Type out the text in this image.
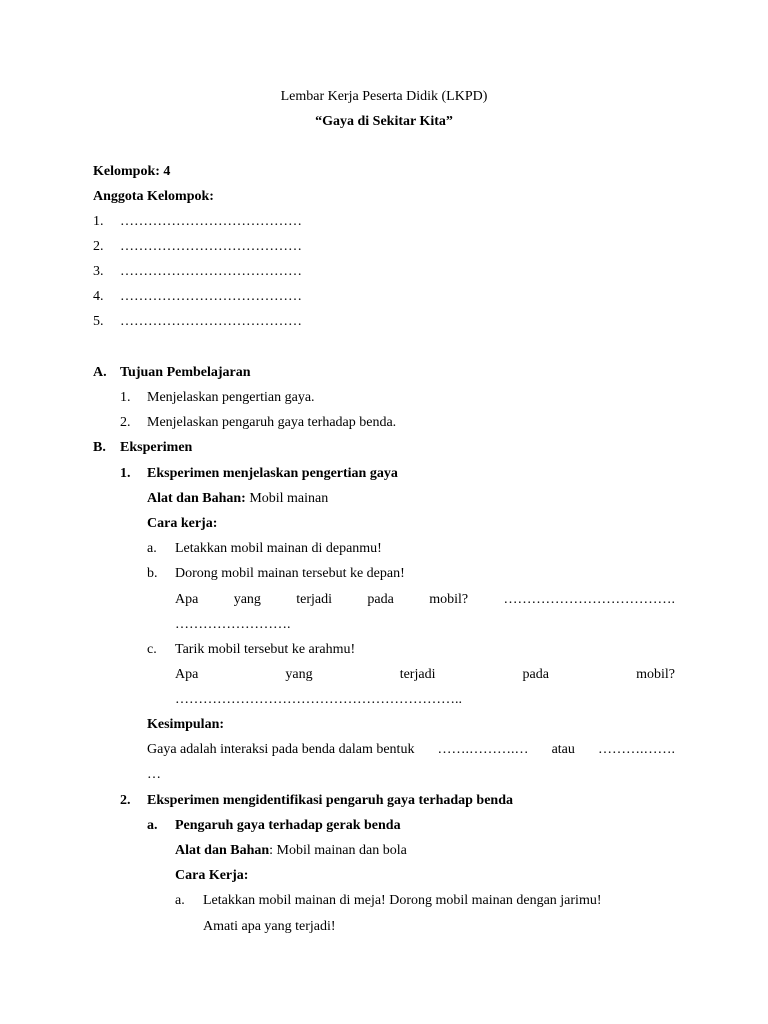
Lembar Kerja Peserta Didik (LKPD)
“Gaya di Sekitar Kita”
Kelompok: 4
Anggota Kelompok:
1. …………………………………
2. …………………………………
3. …………………………………
4. …………………………………
5. …………………………………
A. Tujuan Pembelajaran
1. Menjelaskan pengertian gaya.
2. Menjelaskan pengaruh gaya terhadap benda.
B. Eksperimen
1. Eksperimen menjelaskan pengertian gaya
Alat dan Bahan: Mobil mainan
Cara kerja:
a. Letakkan mobil mainan di depanmu!
b. Dorong mobil mainan tersebut ke depan!
Apa	yang	terjadi	pada	mobil?	……………………………….
…………………….
c. Tarik mobil tersebut ke arahmu!
Apa	yang	terjadi	pada	mobil?
……………………………………………………..
Kesimpulan:
Gaya adalah interaksi pada benda dalam bentuk …….……….… atau ……….…….
…
2. Eksperimen mengidentifikasi pengaruh gaya terhadap benda
a. Pengaruh gaya terhadap gerak benda
Alat dan Bahan: Mobil mainan dan bola
Cara Kerja:
a. Letakkan mobil mainan di meja! Dorong mobil mainan dengan jarimu!
Amati apa yang terjadi!
